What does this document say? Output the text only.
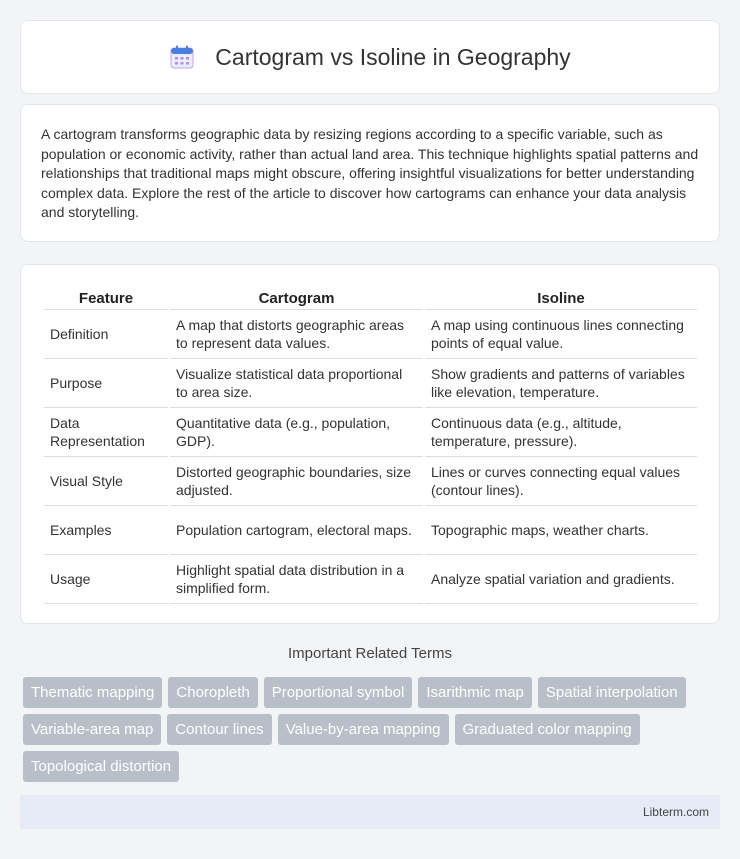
Cartogram vs Isoline in Geography

A cartogram transforms geographic data by resizing regions according to a specific variable, such as population or economic activity, rather than actual land area. This technique highlights spatial patterns and relationships that traditional maps might obscure, offering insightful visualizations for better understanding complex data. Explore the rest of the article to discover how cartograms can enhance your data analysis and storytelling.

Feature	Cartogram	Isoline
Definition	A map that distorts geographic areas to represent data values.	A map using continuous lines connecting points of equal value.
Purpose	Visualize statistical data proportional to area size.	Show gradients and patterns of variables like elevation, temperature.
Data Representation	Quantitative data (e.g., population, GDP).	Continuous data (e.g., altitude, temperature, pressure).
Visual Style	Distorted geographic boundaries, size adjusted.	Lines or curves connecting equal values (contour lines).
Examples	Population cartogram, electoral maps.	Topographic maps, weather charts.
Usage	Highlight spatial data distribution in a simplified form.	Analyze spatial variation and gradients.
Important Related Terms
Thematic mapping	Choropleth	Proportional symbol	Isarithmic map	Spatial interpolation
Variable-area map	Contour lines	Value-by-area mapping	Graduated color mapping
Topological distortion
Libterm.com
